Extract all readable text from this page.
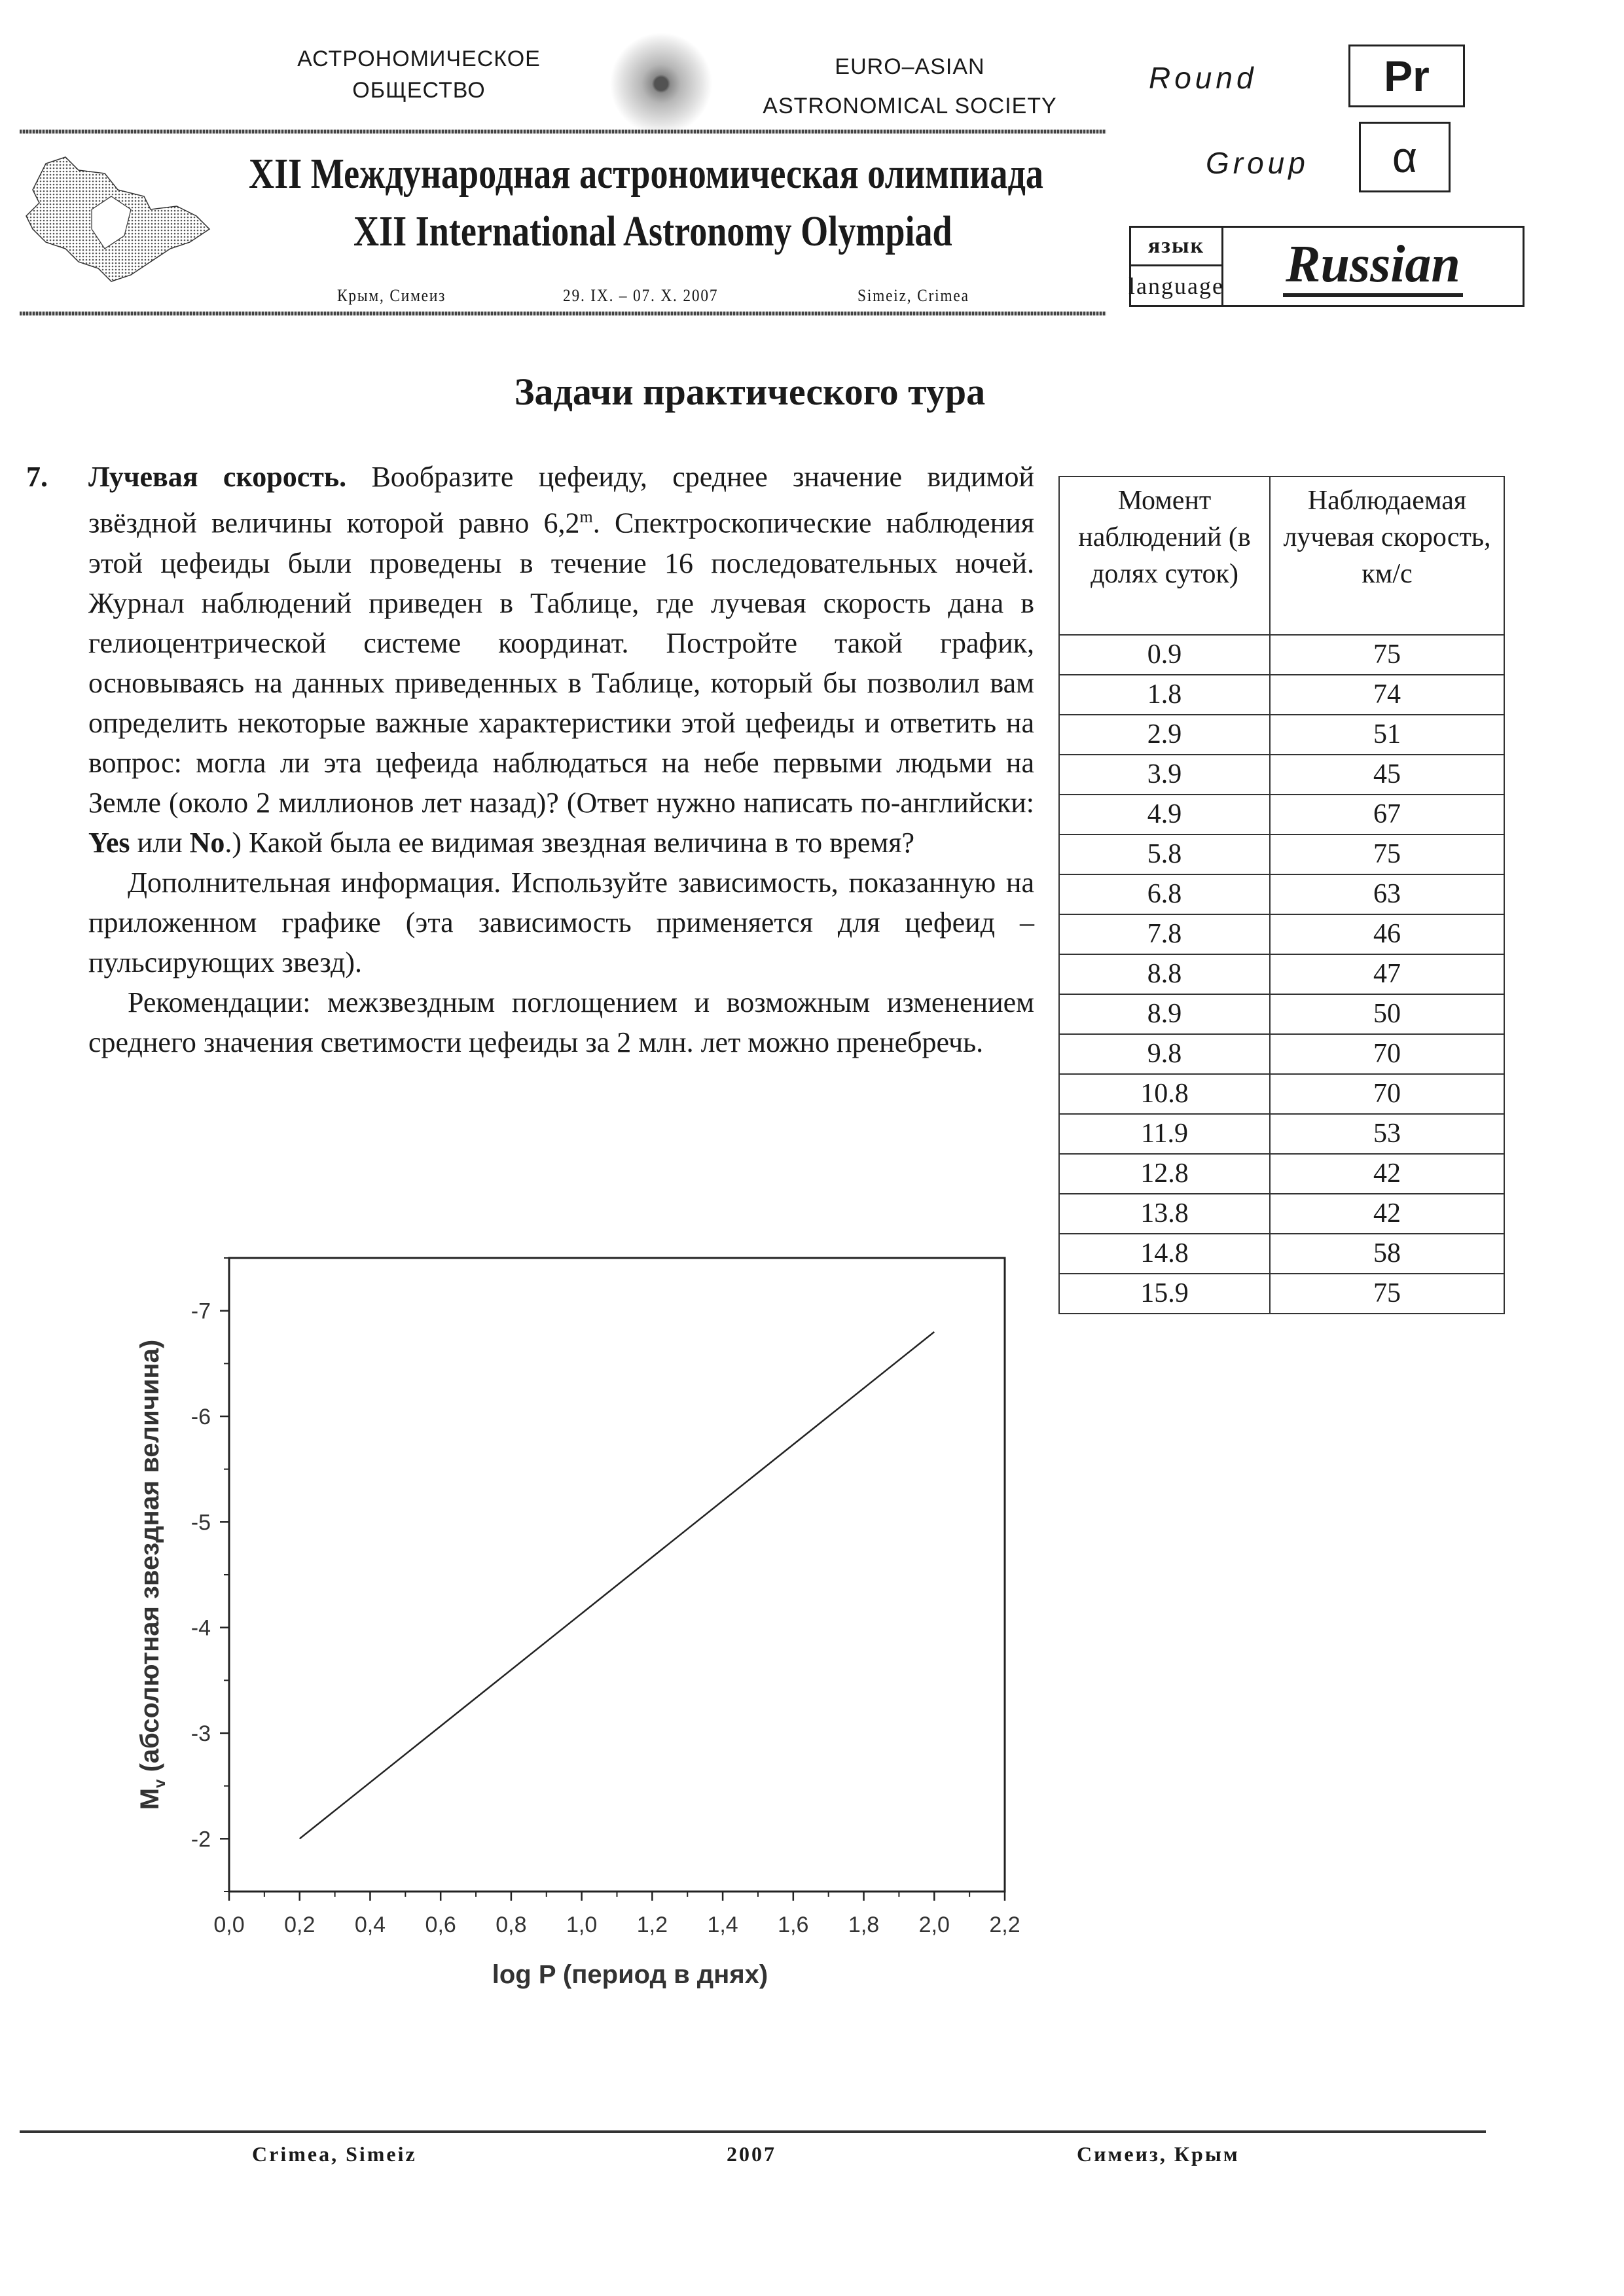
АСТРОНОМИЧЕСКОЕ
ОБЩЕСТВО
EURO–ASIAN
ASTRONOMICAL SOCIETY
XII Международная астрономическая олимпиада
XII International Astronomy Olympiad
Крым, Симеиз	29. IX. – 07. X. 2007	Simeiz, Crimea
Round	Pr
Group α
язык
language Russian
Задачи практического тура
7. Лучевая скорость. Вообразите цефеиду, среднее значение видимой звёздной величины которой равно 6,2$^m$. Спектроскопические наблюдения этой цефеиды были проведены в течение 16 последовательных ночей. Журнал наблюдений приведен в Таблице, где лучевая скорость дана в гелиоцентрической системе координат. Постройте такой график, основываясь на данных приведенных в Таблице, который бы позволил вам определить некоторые важные характеристики этой цефеиды и ответить на вопрос: могла ли эта цефеида наблюдаться на небе первыми людьми на Земле (около 2 миллионов лет назад)? (Ответ нужно написать по-английски: Yes или No.) Какой была ее видимая звездная величина в то время?

Дополнительная информация. Используйте зависимость, показанную на приложенном графике (эта зависимость применяется для цефеид – пульсирующих звезд).

Рекомендации: межзвездным поглощением и возможным изменением среднего значения светимости цефеиды за 2 млн. лет можно пренебречь.

Момент наблюдений (в долях суток)	Наблюдаемая лучевая скорость, км/с
0.9	75
1.8	74
2.9	51
3.9	45
4.9	67
5.8	75
6.8	63
7.8	46
8.8	47
8.9	50
9.8	70
10.8	70
11.9	53
12.8	42
13.8	42
14.8	58
15.9	75
0,0 0,2 0,4 0,6 0,8 1,0 1,2 1,4 1,6 1,8 2,0 2,2
-2
-3
-4
-5
-6
-7
log P (период в днях)
$M_v$ (абсолютная звездная величина)
Crimea, Simeiz	2007	Симеиз, Крым
